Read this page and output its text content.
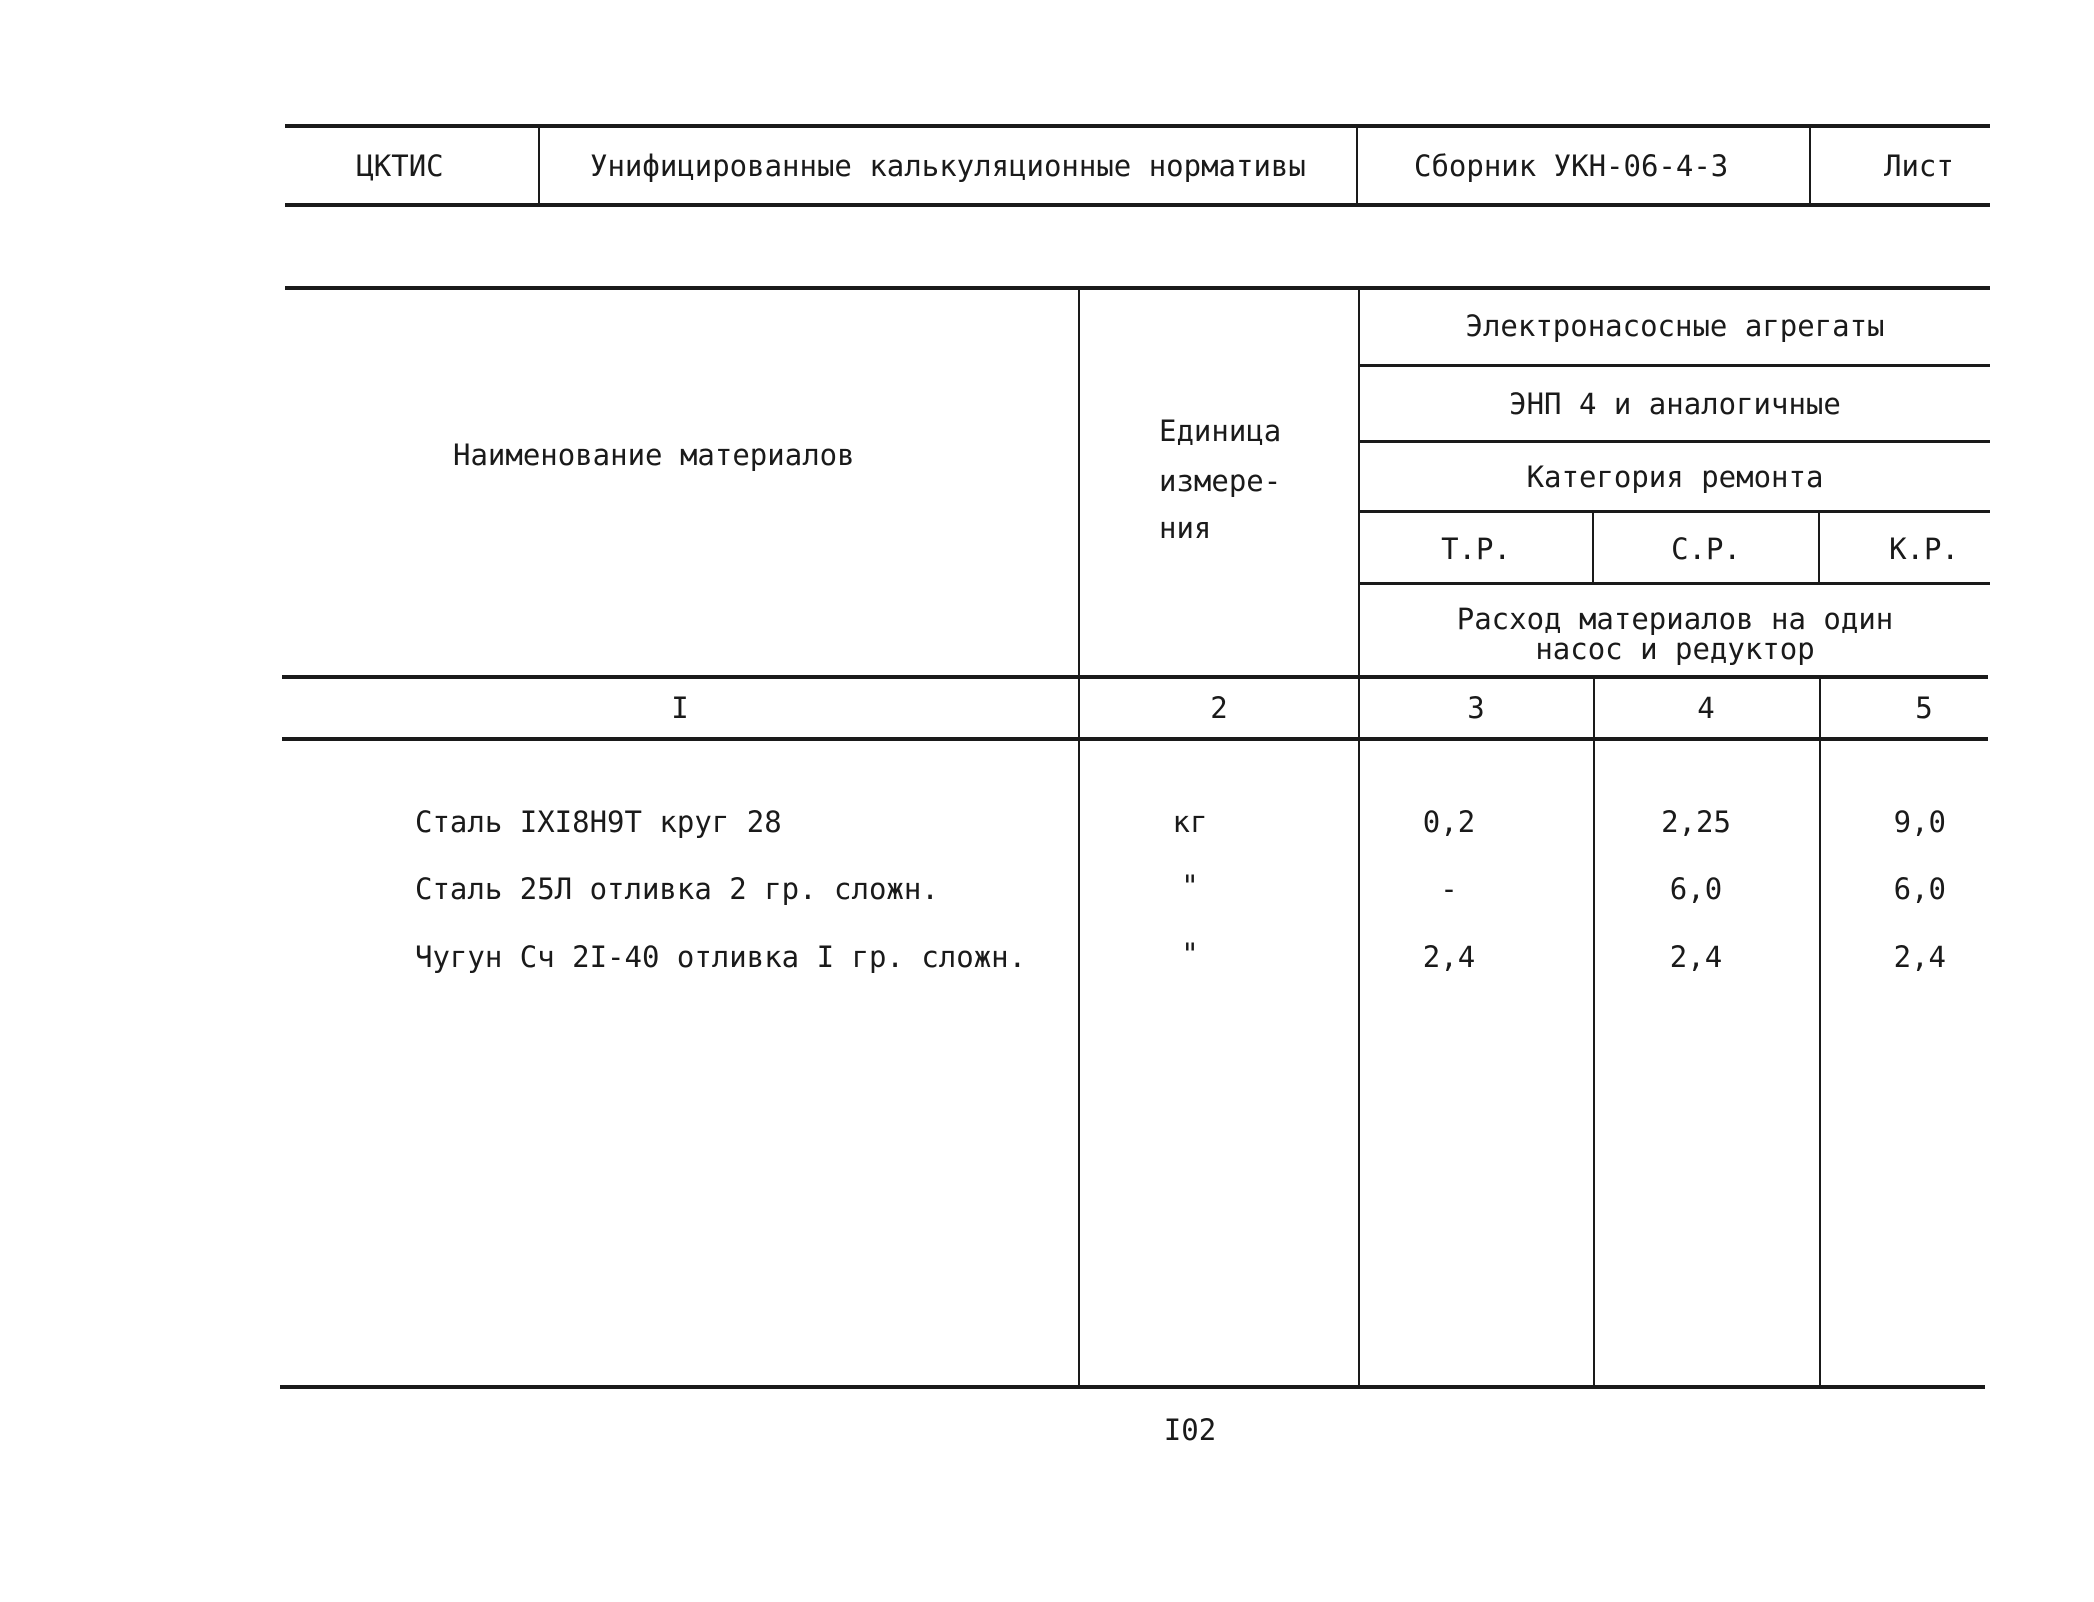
ЦКТИС	Унифицированные калькуляционные нормативы	Сборник УКН-06-4-3	Лист
Наименование материалов
Единица
измере-
ния
Электронасосные агрегаты
ЭНП 4 и аналогичные
Категория ремонта
Т.Р.	С.Р.	К.Р.
Расход материалов на один
насос и редуктор
I	2	3	4	5
Сталь IXI8Н9Т круг 28	кг	0,2	2,25	9,0
Сталь 25Л отливка 2 гр. сложн.	"	-	6,0	6,0
Чугун Сч 2I-40 отливка I гр. сложн.	"	2,4	2,4	2,4
I02
